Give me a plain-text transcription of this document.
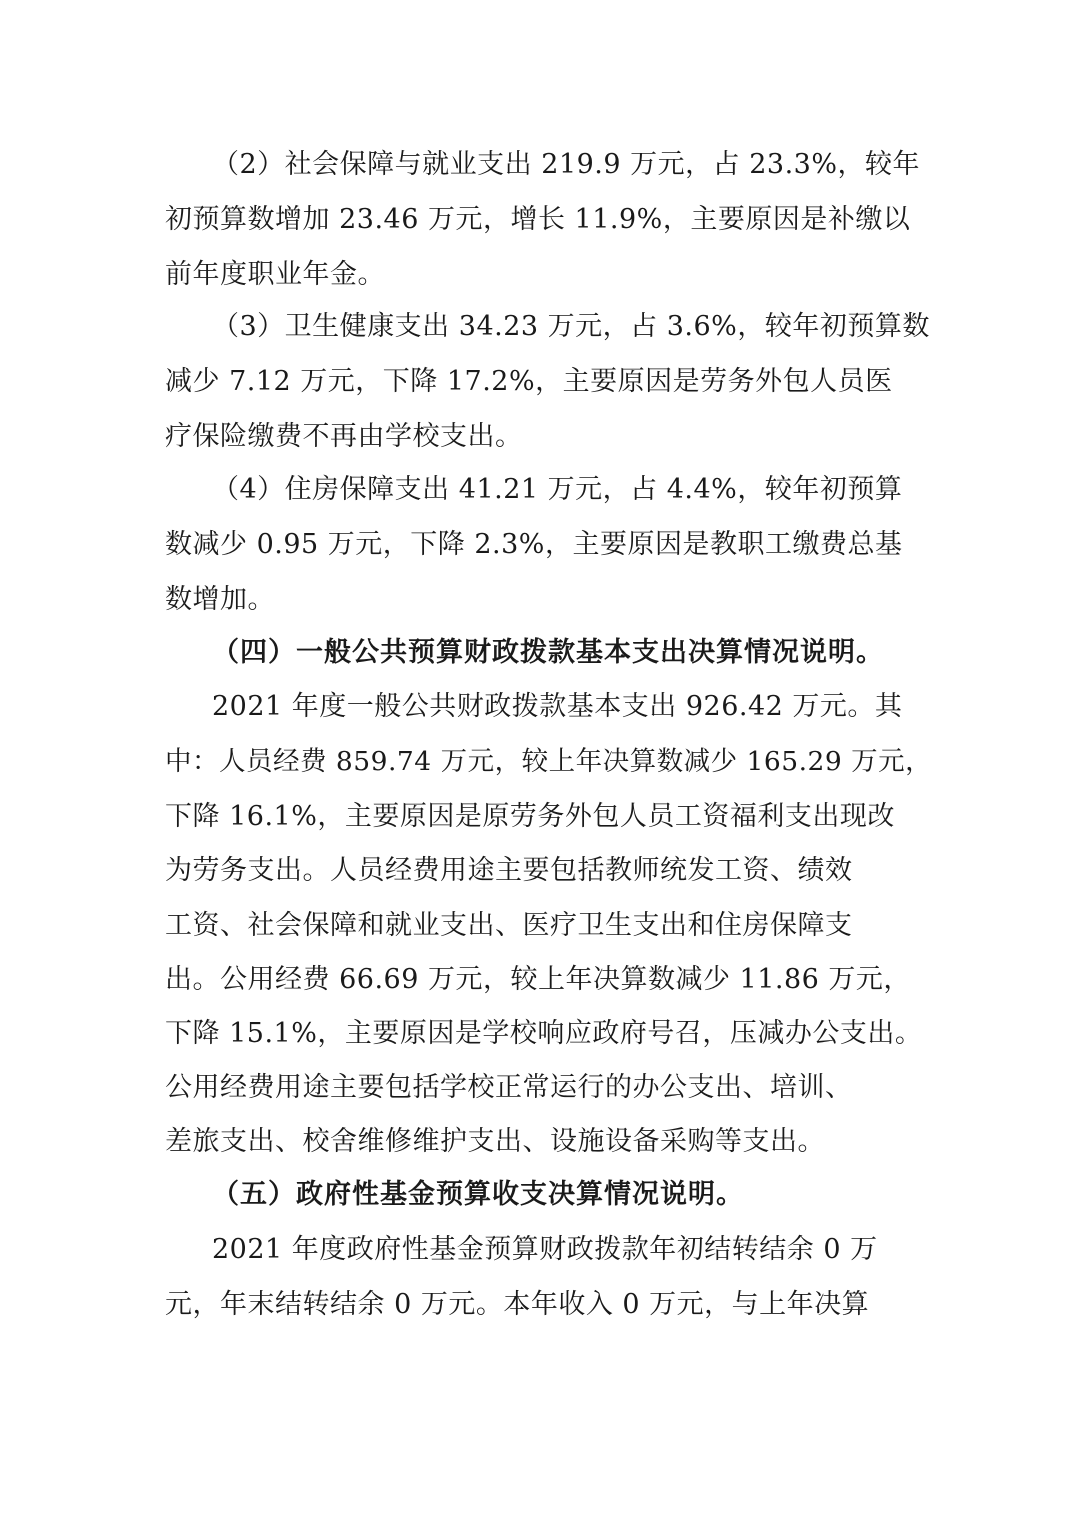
（2）社会保障与就业支出 219.9 万元，占 23.3%，较年
初预算数增加 23.46 万元，增长 11.9%，主要原因是补缴以
前年度职业年金。
（3）卫生健康支出 34.23 万元，占 3.6%，较年初预算数
减少 7.12 万元，下降 17.2%，主要原因是劳务外包人员医
疗保险缴费不再由学校支出。
（4）住房保障支出 41.21 万元，占 4.4%，较年初预算
数减少 0.95 万元，下降 2.3%，主要原因是教职工缴费总基
数增加。
（四）一般公共预算财政拨款基本支出决算情况说明。
2021 年度一般公共财政拨款基本支出 926.42 万元。其
中：人员经费 859.74 万元，较上年决算数减少 165.29 万元，
下降 16.1%，主要原因是原劳务外包人员工资福利支出现改
为劳务支出。人员经费用途主要包括教师统发工资、绩效
工资、社会保障和就业支出、医疗卫生支出和住房保障支
出。公用经费 66.69 万元，较上年决算数减少 11.86 万元，
下降 15.1%，主要原因是学校响应政府号召，压减办公支出。
公用经费用途主要包括学校正常运行的办公支出、培训、
差旅支出、校舍维修维护支出、设施设备采购等支出。
（五）政府性基金预算收支决算情况说明。
2021 年度政府性基金预算财政拨款年初结转结余 0 万
元，年末结转结余 0 万元。本年收入 0 万元，与上年决算
